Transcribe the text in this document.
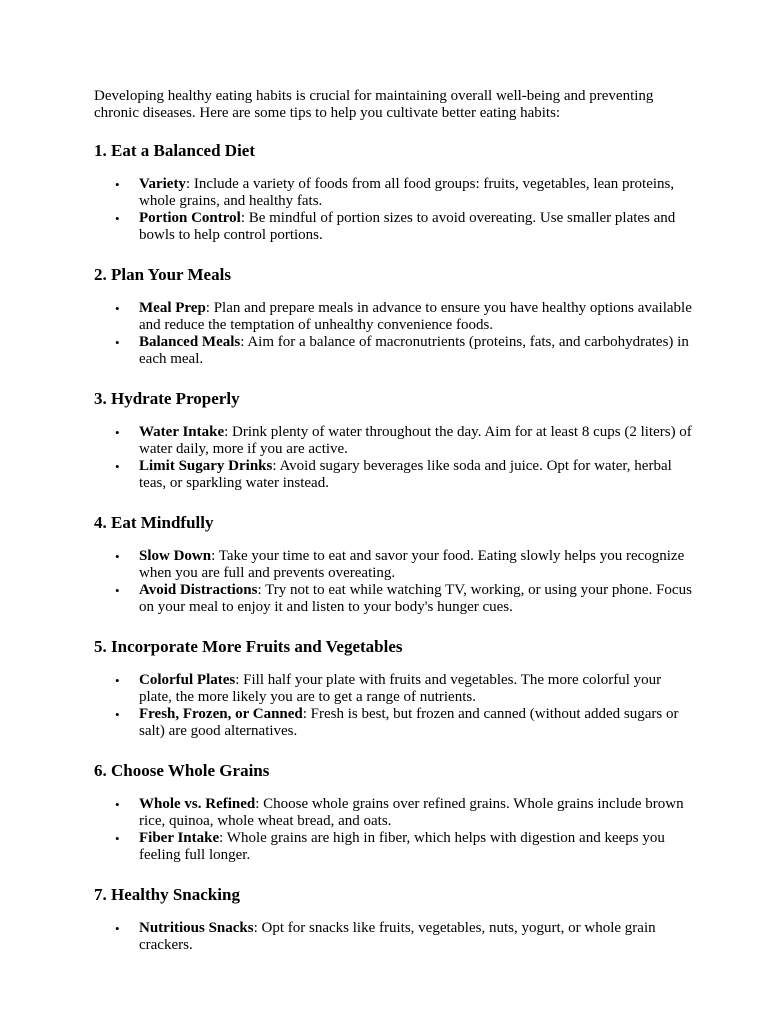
Developing healthy eating habits is crucial for maintaining overall well-being and preventing chronic diseases. Here are some tips to help you cultivate better eating habits:

1. Eat a Balanced Diet
• Variety: Include a variety of foods from all food groups: fruits, vegetables, lean proteins, whole grains, and healthy fats.
• Portion Control: Be mindful of portion sizes to avoid overeating. Use smaller plates and bowls to help control portions.
2. Plan Your Meals
• Meal Prep: Plan and prepare meals in advance to ensure you have healthy options available and reduce the temptation of unhealthy convenience foods.
• Balanced Meals: Aim for a balance of macronutrients (proteins, fats, and carbohydrates) in each meal.
3. Hydrate Properly
• Water Intake: Drink plenty of water throughout the day. Aim for at least 8 cups (2 liters) of water daily, more if you are active.
• Limit Sugary Drinks: Avoid sugary beverages like soda and juice. Opt for water, herbal teas, or sparkling water instead.
4. Eat Mindfully
• Slow Down: Take your time to eat and savor your food. Eating slowly helps you recognize when you are full and prevents overeating.
• Avoid Distractions: Try not to eat while watching TV, working, or using your phone. Focus on your meal to enjoy it and listen to your body's hunger cues.
5. Incorporate More Fruits and Vegetables
• Colorful Plates: Fill half your plate with fruits and vegetables. The more colorful your plate, the more likely you are to get a range of nutrients.
• Fresh, Frozen, or Canned: Fresh is best, but frozen and canned (without added sugars or salt) are good alternatives.
6. Choose Whole Grains
• Whole vs. Refined: Choose whole grains over refined grains. Whole grains include brown rice, quinoa, whole wheat bread, and oats.
• Fiber Intake: Whole grains are high in fiber, which helps with digestion and keeps you feeling full longer.
7. Healthy Snacking
• Nutritious Snacks: Opt for snacks like fruits, vegetables, nuts, yogurt, or whole grain crackers.
